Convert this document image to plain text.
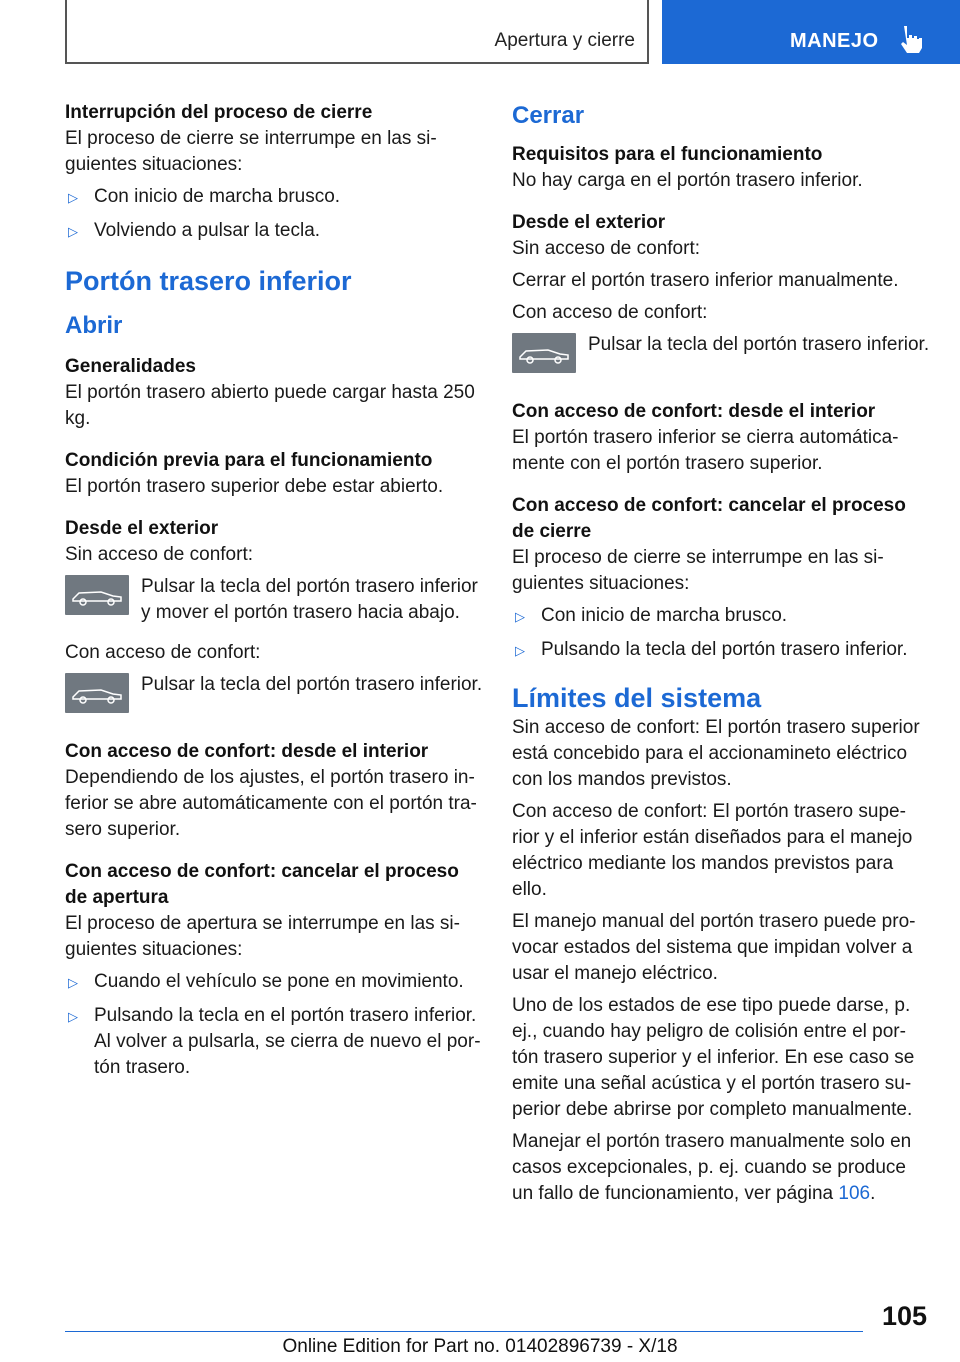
Apertura y cierre	MANEJO
Interrupción del proceso de cierre
El proceso de cierre se interrumpe en las si-guientes situaciones:
▷ Con inicio de marcha brusco.
▷ Volviendo a pulsar la tecla.
Portón trasero inferior
Abrir
Generalidades
El portón trasero abierto puede cargar hasta 250 kg.
Condición previa para el funcionamiento
El portón trasero superior debe estar abierto.
Desde el exterior
Sin acceso de confort:
Pulsar la tecla del portón trasero inferior y mover el portón trasero hacia abajo.
Con acceso de confort:
Pulsar la tecla del portón trasero inferior.
Con acceso de confort: desde el interior
Dependiendo de los ajustes, el portón trasero in-ferior se abre automáticamente con el portón tra-sero superior.
Con acceso de confort: cancelar el proceso de apertura
El proceso de apertura se interrumpe en las si-guientes situaciones:
▷ Cuando el vehículo se pone en movimiento.
▷ Pulsando la tecla en el portón trasero inferior. Al volver a pulsarla, se cierra de nuevo el por-tón trasero.
Cerrar
Requisitos para el funcionamiento
No hay carga en el portón trasero inferior.
Desde el exterior
Sin acceso de confort:
Cerrar el portón trasero inferior manualmente.
Con acceso de confort:
Pulsar la tecla del portón trasero inferior.
Con acceso de confort: desde el interior
El portón trasero inferior se cierra automática-mente con el portón trasero superior.
Con acceso de confort: cancelar el proceso de cierre
El proceso de cierre se interrumpe en las si-guientes situaciones:
▷ Con inicio de marcha brusco.
▷ Pulsando la tecla del portón trasero inferior.
Límites del sistema
Sin acceso de confort: El portón trasero superior está concebido para el accionamineto eléctrico con los mandos previstos.
Con acceso de confort: El portón trasero supe-rior y el inferior están diseñados para el manejo eléctrico mediante los mandos previstos para ello.
El manejo manual del portón trasero puede pro-vocar estados del sistema que impidan volver a usar el manejo eléctrico.
Uno de los estados de ese tipo puede darse, p. ej., cuando hay peligro de colisión entre el por-tón trasero superior y el inferior. En ese caso se emite una señal acústica y el portón trasero su-perior debe abrirse por completo manualmente.
Manejar el portón trasero manualmente solo en casos excepcionales, p. ej. cuando se produce un fallo de funcionamiento, ver página 106.
105
Online Edition for Part no. 01402896739 - X/18
